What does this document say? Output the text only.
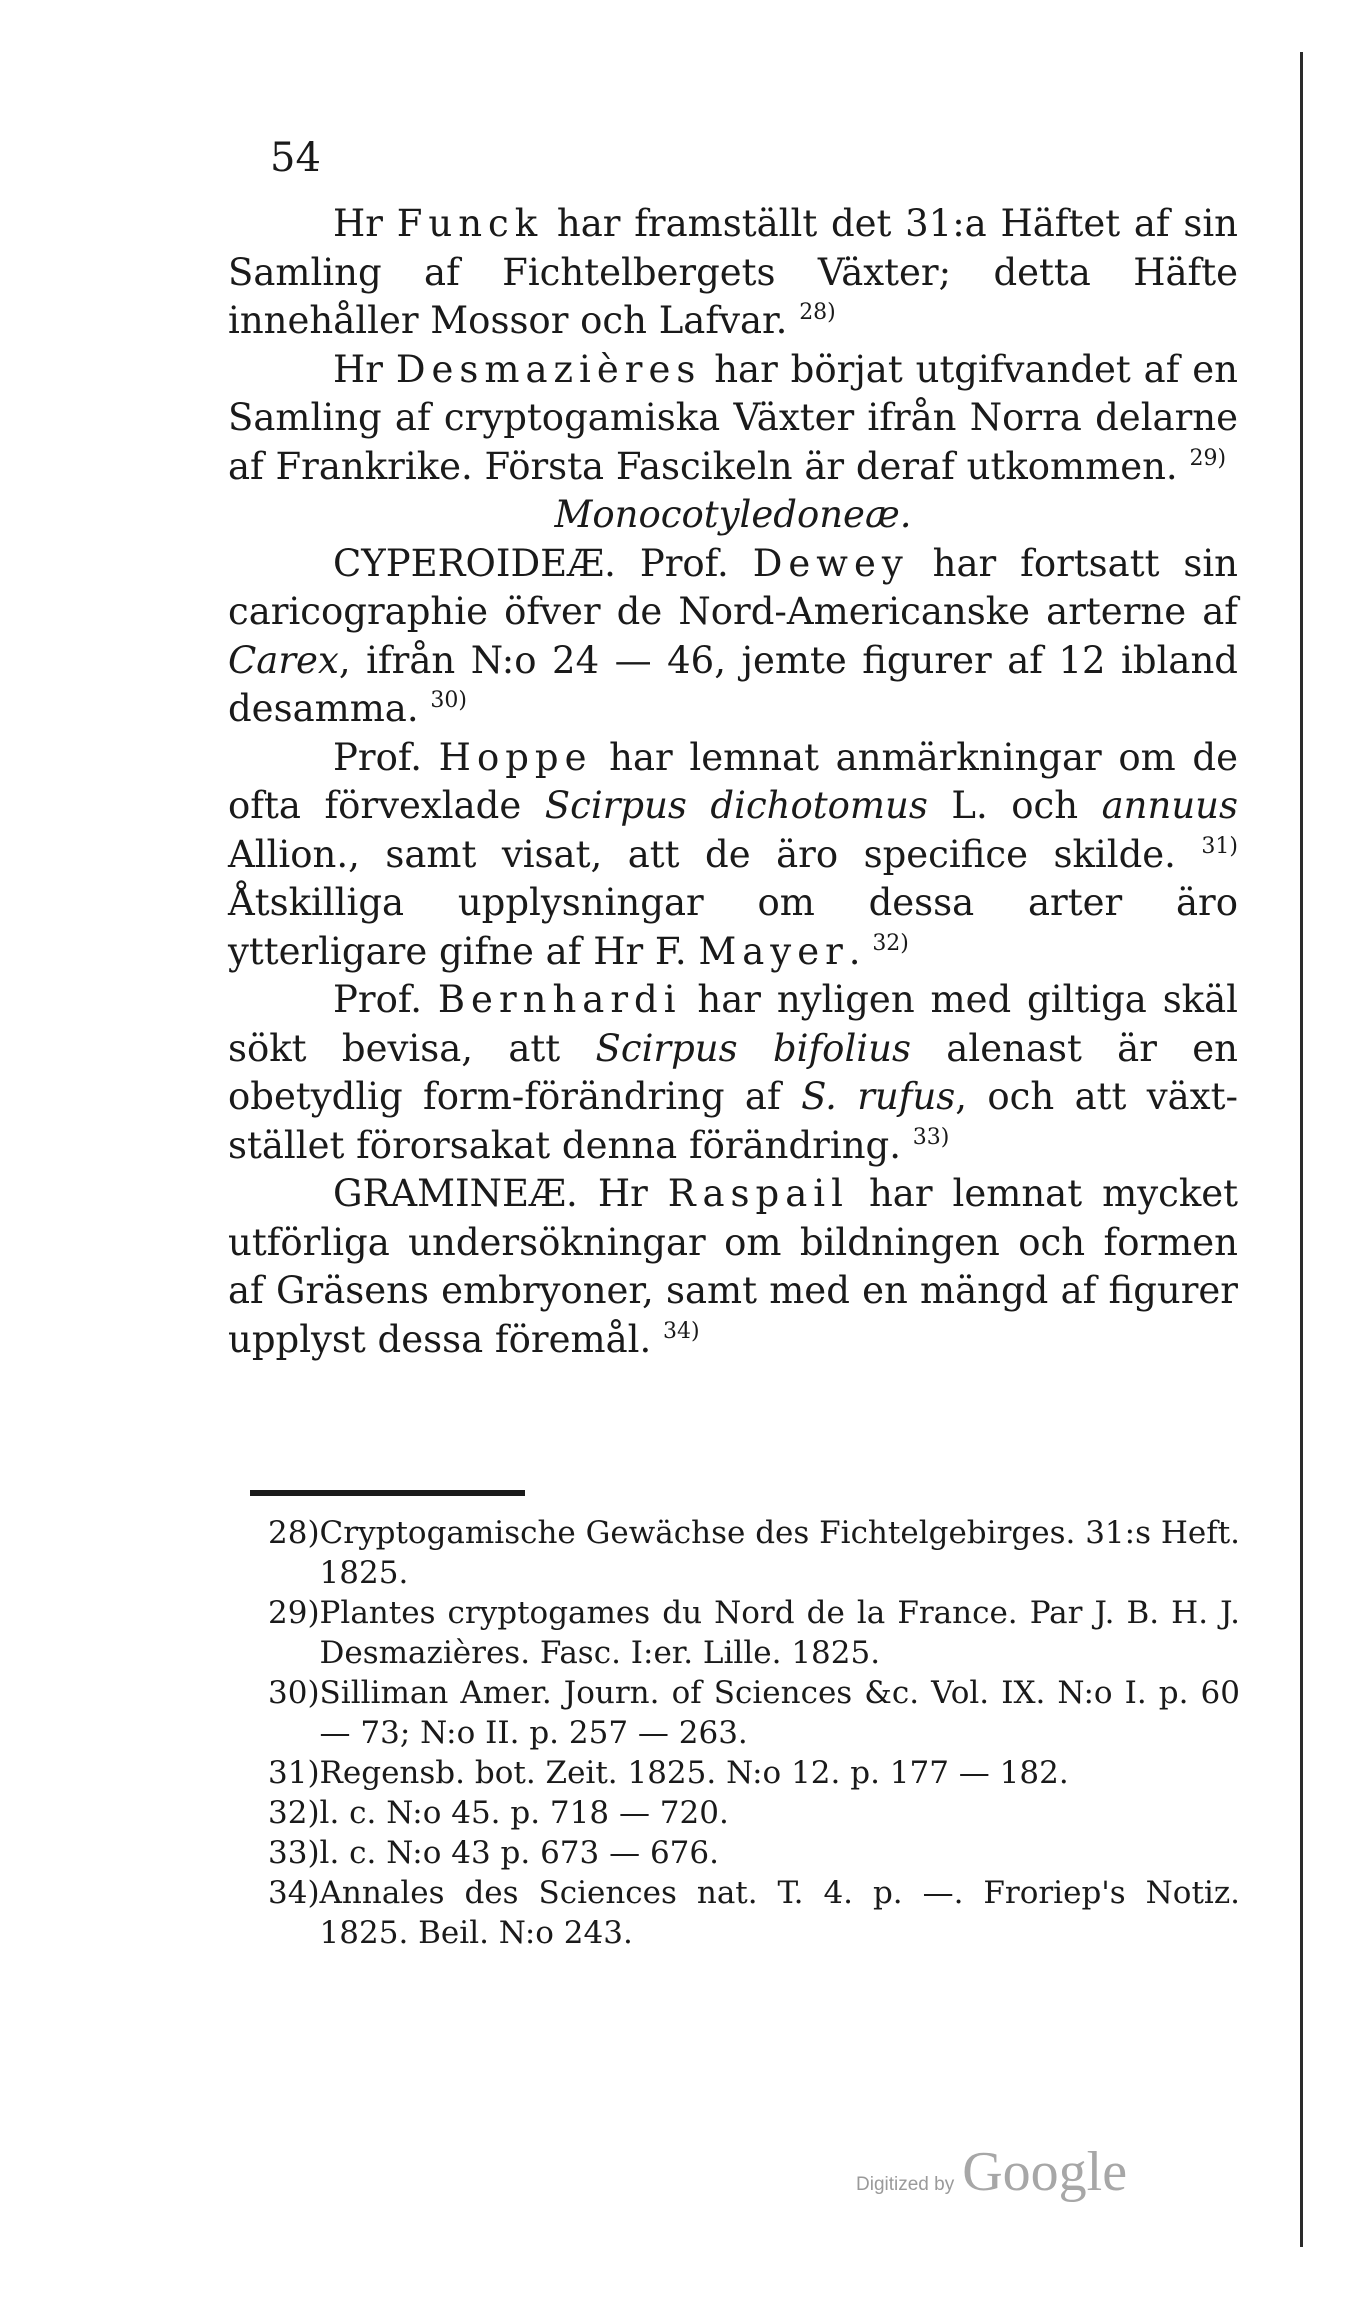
54

Hr Funck har framställt det 31:a Häftet af sin Samling af Fichtelbergets Växter; detta Häfte innehåller Mossor och Lafvar. $^{28)}$

Hr Desmazières har börjat utgifvandet af en Samling af cryptogamiska Växter ifrån Norra delarne af Frankrike. Första Fascikeln är deraf utkommen. $^{29)}$

Monocotyledoneæ.

CYPEROIDEÆ. Prof. Dewey har fortsatt sin caricographie öfver de Nord-Americanske arterne af Carex, ifrån N:o 24 — 46, jemte figurer af 12 ibland desamma. $^{30)}$

Prof. Hoppe har lemnat anmärkningar om de ofta förvexlade Scirpus dichotomus L. och annuus Allion., samt visat, att de äro specifice skilde. $^{31)}$ Åtskilliga upplysningar om dessa arter äro ytterligare gifne af Hr F. Mayer. $^{32)}$

Prof. Bernhardi har nyligen med giltiga skäl sökt bevisa, att Scirpus bifolius alenast är en obetydlig form-förändring af S. rufus, och att växt-stället förorsakat denna förändring. $^{33)}$

GRAMINEÆ. Hr Raspail har lemnat mycket utförliga undersökningar om bildningen och formen af Gräsens embryoner, samt med en mängd af figurer upplyst dessa föremål. $^{34)}$

28) Cryptogamische Gewächse des Fichtelgebirges. 31:s Heft. 1825.
29) Plantes cryptogames du Nord de la France. Par J. B. H. J. Desmazières. Fasc. I:er. Lille. 1825.
30) Silliman Amer. Journ. of Sciences &c. Vol. IX. N:o I. p. 60 — 73; N:o II. p. 257 — 263.
31) Regensb. bot. Zeit. 1825. N:o 12. p. 177 — 182.
32) l. c. N:o 45. p. 718 — 720.
33) l. c. N:o 43 p. 673 — 676.
34) Annales des Sciences nat. T. 4. p. —. Froriep's Notiz. 1825. Beil. N:o 243.
Digitized by Google
